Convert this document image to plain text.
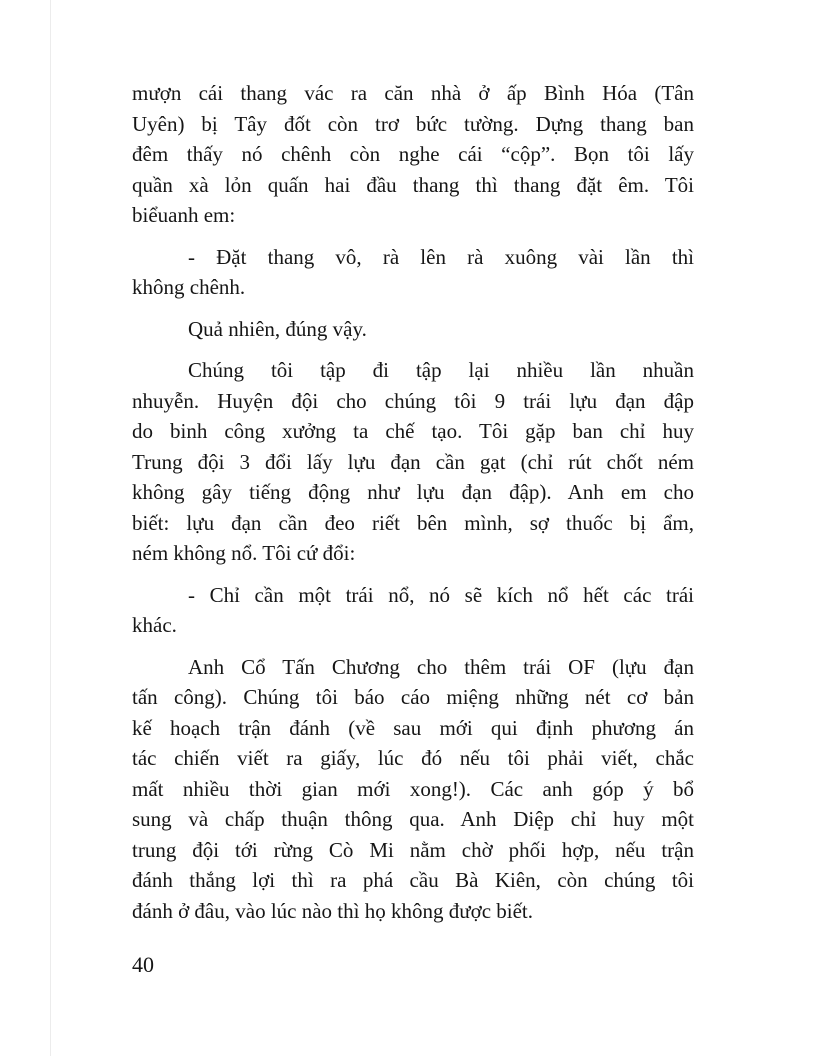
mượn cái thang vác ra căn nhà ở ấp Bình Hóa (Tân
Uyên) bị Tây đốt còn trơ bức tường. Dựng thang ban
đêm thấy nó chênh còn nghe cái “cộp”. Bọn tôi lấy
quần xà lỏn quấn hai đầu thang thì thang đặt êm. Tôi
biểuanh em:

- Đặt thang vô, rà lên rà xuông vài lần thì
không chênh.

Quả nhiên, đúng vậy.

Chúng tôi tập đi tập lại nhiều lần nhuần
nhuyễn. Huyện đội cho chúng tôi 9 trái lựu đạn đập
do binh công xưởng ta chế tạo. Tôi gặp ban chỉ huy
Trung đội 3 đổi lấy lựu đạn cần gạt (chỉ rút chốt ném
không gây tiếng động như lựu đạn đập). Anh em cho
biết: lựu đạn cần đeo riết bên mình, sợ thuốc bị ẩm,
ném không nổ. Tôi cứ đổi:

- Chỉ cần một trái nổ, nó sẽ kích nổ hết các trái
khác.

Anh Cổ Tấn Chương cho thêm trái OF (lựu đạn
tấn công). Chúng tôi báo cáo miệng những nét cơ bản
kế hoạch trận đánh (về sau mới qui định phương án
tác chiến viết ra giấy, lúc đó nếu tôi phải viết, chắc
mất nhiều thời gian mới xong!). Các anh góp ý bổ
sung và chấp thuận thông qua. Anh Diệp chỉ huy một
trung đội tới rừng Cò Mi nằm chờ phối hợp, nếu trận
đánh thắng lợi thì ra phá cầu Bà Kiên, còn chúng tôi
đánh ở đâu, vào lúc nào thì họ không được biết.

40
